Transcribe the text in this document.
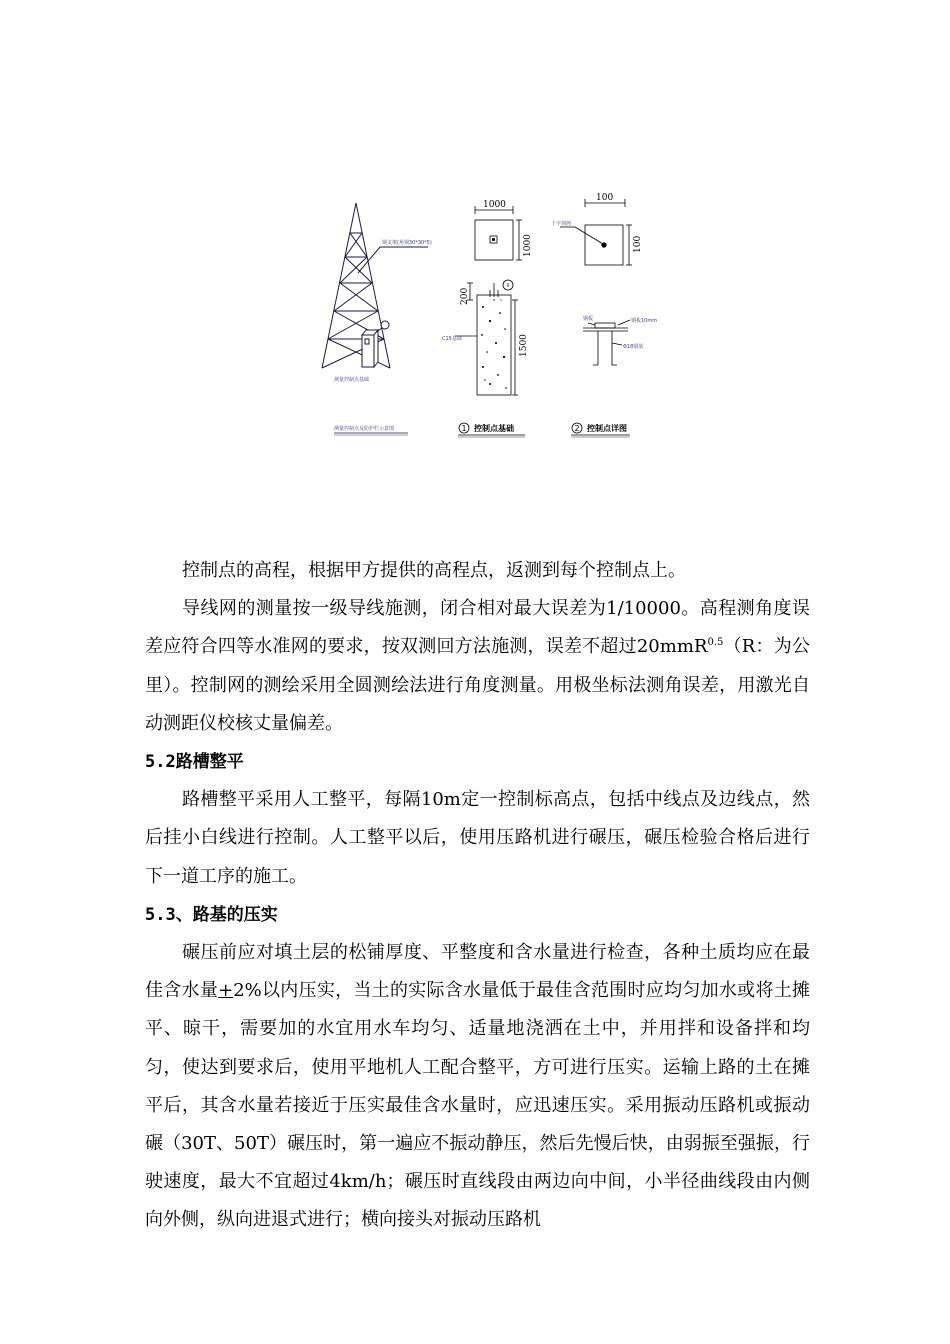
钢支架(角钢30*30*5)
测量控制点基础
测量控制点及防护栏示意图
1000
1000
200
1500
C15基础
1 控制点基础
100
100
十字刻画
钢板	钢板10mm
Φ18钢筋
2 控制点详图

控制点的高程，根据甲方提供的高程点，返测到每个控制点上。

导线网的测量按一级导线施测，闭合相对最大误差为1/10000。高程测角度误差应符合四等水准网的要求，按双测回方法施测，误差不超过20mmR$^{0.5}$（R：为公里）。控制网的测绘采用全圆测绘法进行角度测量。用极坐标法测角误差，用激光自动测距仪校核丈量偏差。

5.2路槽整平

路槽整平采用人工整平，每隔10m定一控制标高点，包括中线点及边线点，然后挂小白线进行控制。人工整平以后，使用压路机进行碾压，碾压检验合格后进行下一道工序的施工。

5.3、路基的压实

碾压前应对填土层的松铺厚度、平整度和含水量进行检查，各种土质均应在最佳含水量+2%以内压实，当土的实际含水量低于最佳含范围时应均匀加水或将土摊平、晾干，需要加的水宜用水车均匀、适量地浇洒在土中，并用拌和设备拌和均匀，使达到要求后，使用平地机人工配合整平，方可进行压实。运输上路的土在摊平后，其含水量若接近于压实最佳含水量时，应迅速压实。采用振动压路机或振动碾（30T、50T）碾压时，第一遍应不振动静压，然后先慢后快，由弱振至强振，行驶速度，最大不宜超过4km/h；碾压时直线段由两边向中间，小半径曲线段由内侧向外侧，纵向进退式进行；横向接头对振动压路机
